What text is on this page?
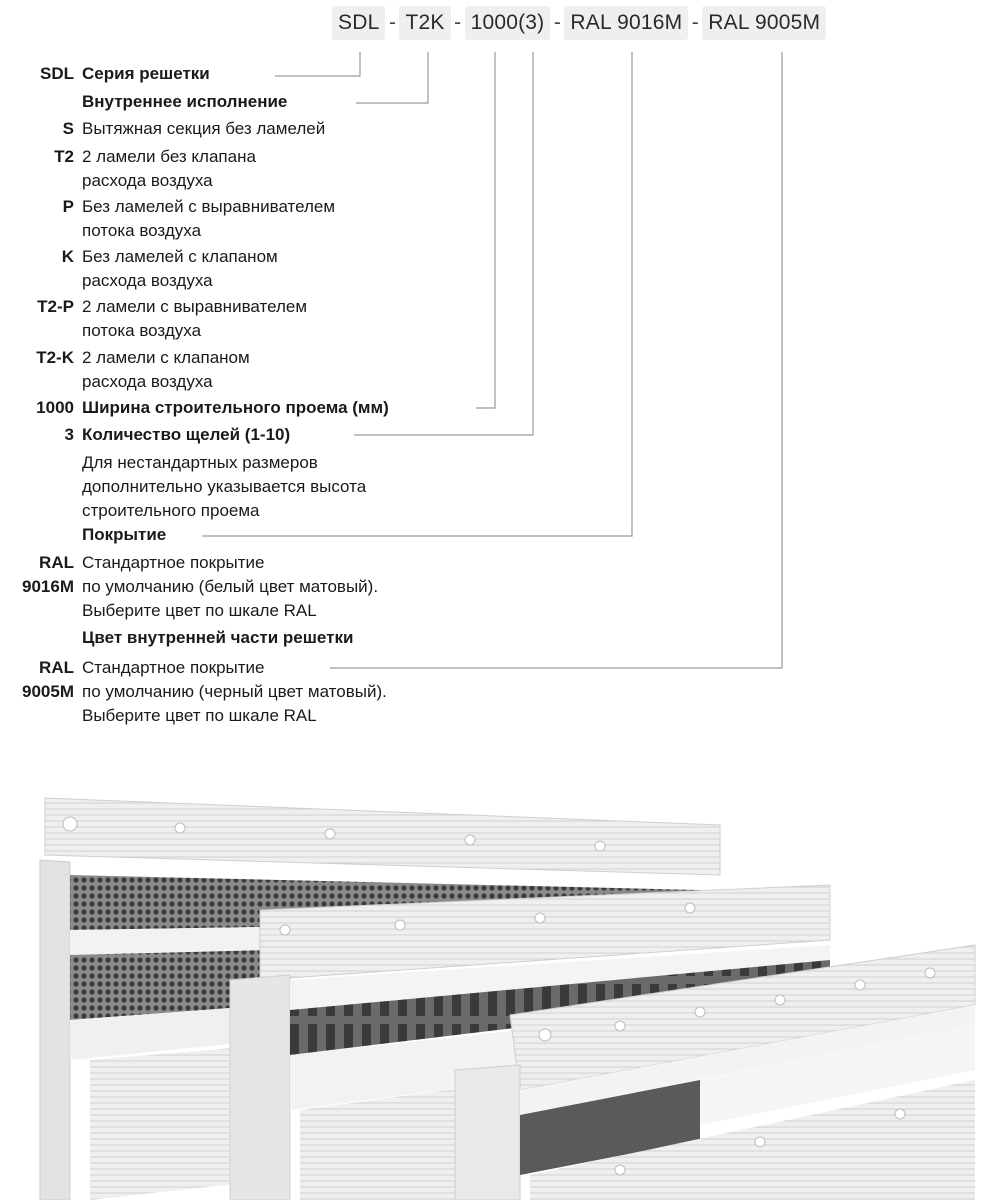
SDL - T2K - 1000(3) - RAL 9016M - RAL 9005M
SDL Серия решетки
Внутреннее исполнение
S Вытяжная секция без ламелей
T2 2 ламели без клапана
расхода воздуха
P Без ламелей с выравнивателем
потока воздуха
K Без ламелей с клапаном
расхода воздуха
T2-P 2 ламели с выравнивателем
потока воздуха
T2-K 2 ламели с клапаном
расхода воздуха
1000 Ширина строительного проема (мм)
3 Количество щелей (1-10)
Для нестандартных размеров
дополнительно указывается высота
строительного проема
Покрытие
RAL
9016M
Стандартное покрытие
по умолчанию (белый цвет матовый).
Выберите цвет по шкале RAL
Цвет внутренней части решетки
RAL
9005M
Стандартное покрытие
по умолчанию (черный цвет матовый).
Выберите цвет по шкале RAL
